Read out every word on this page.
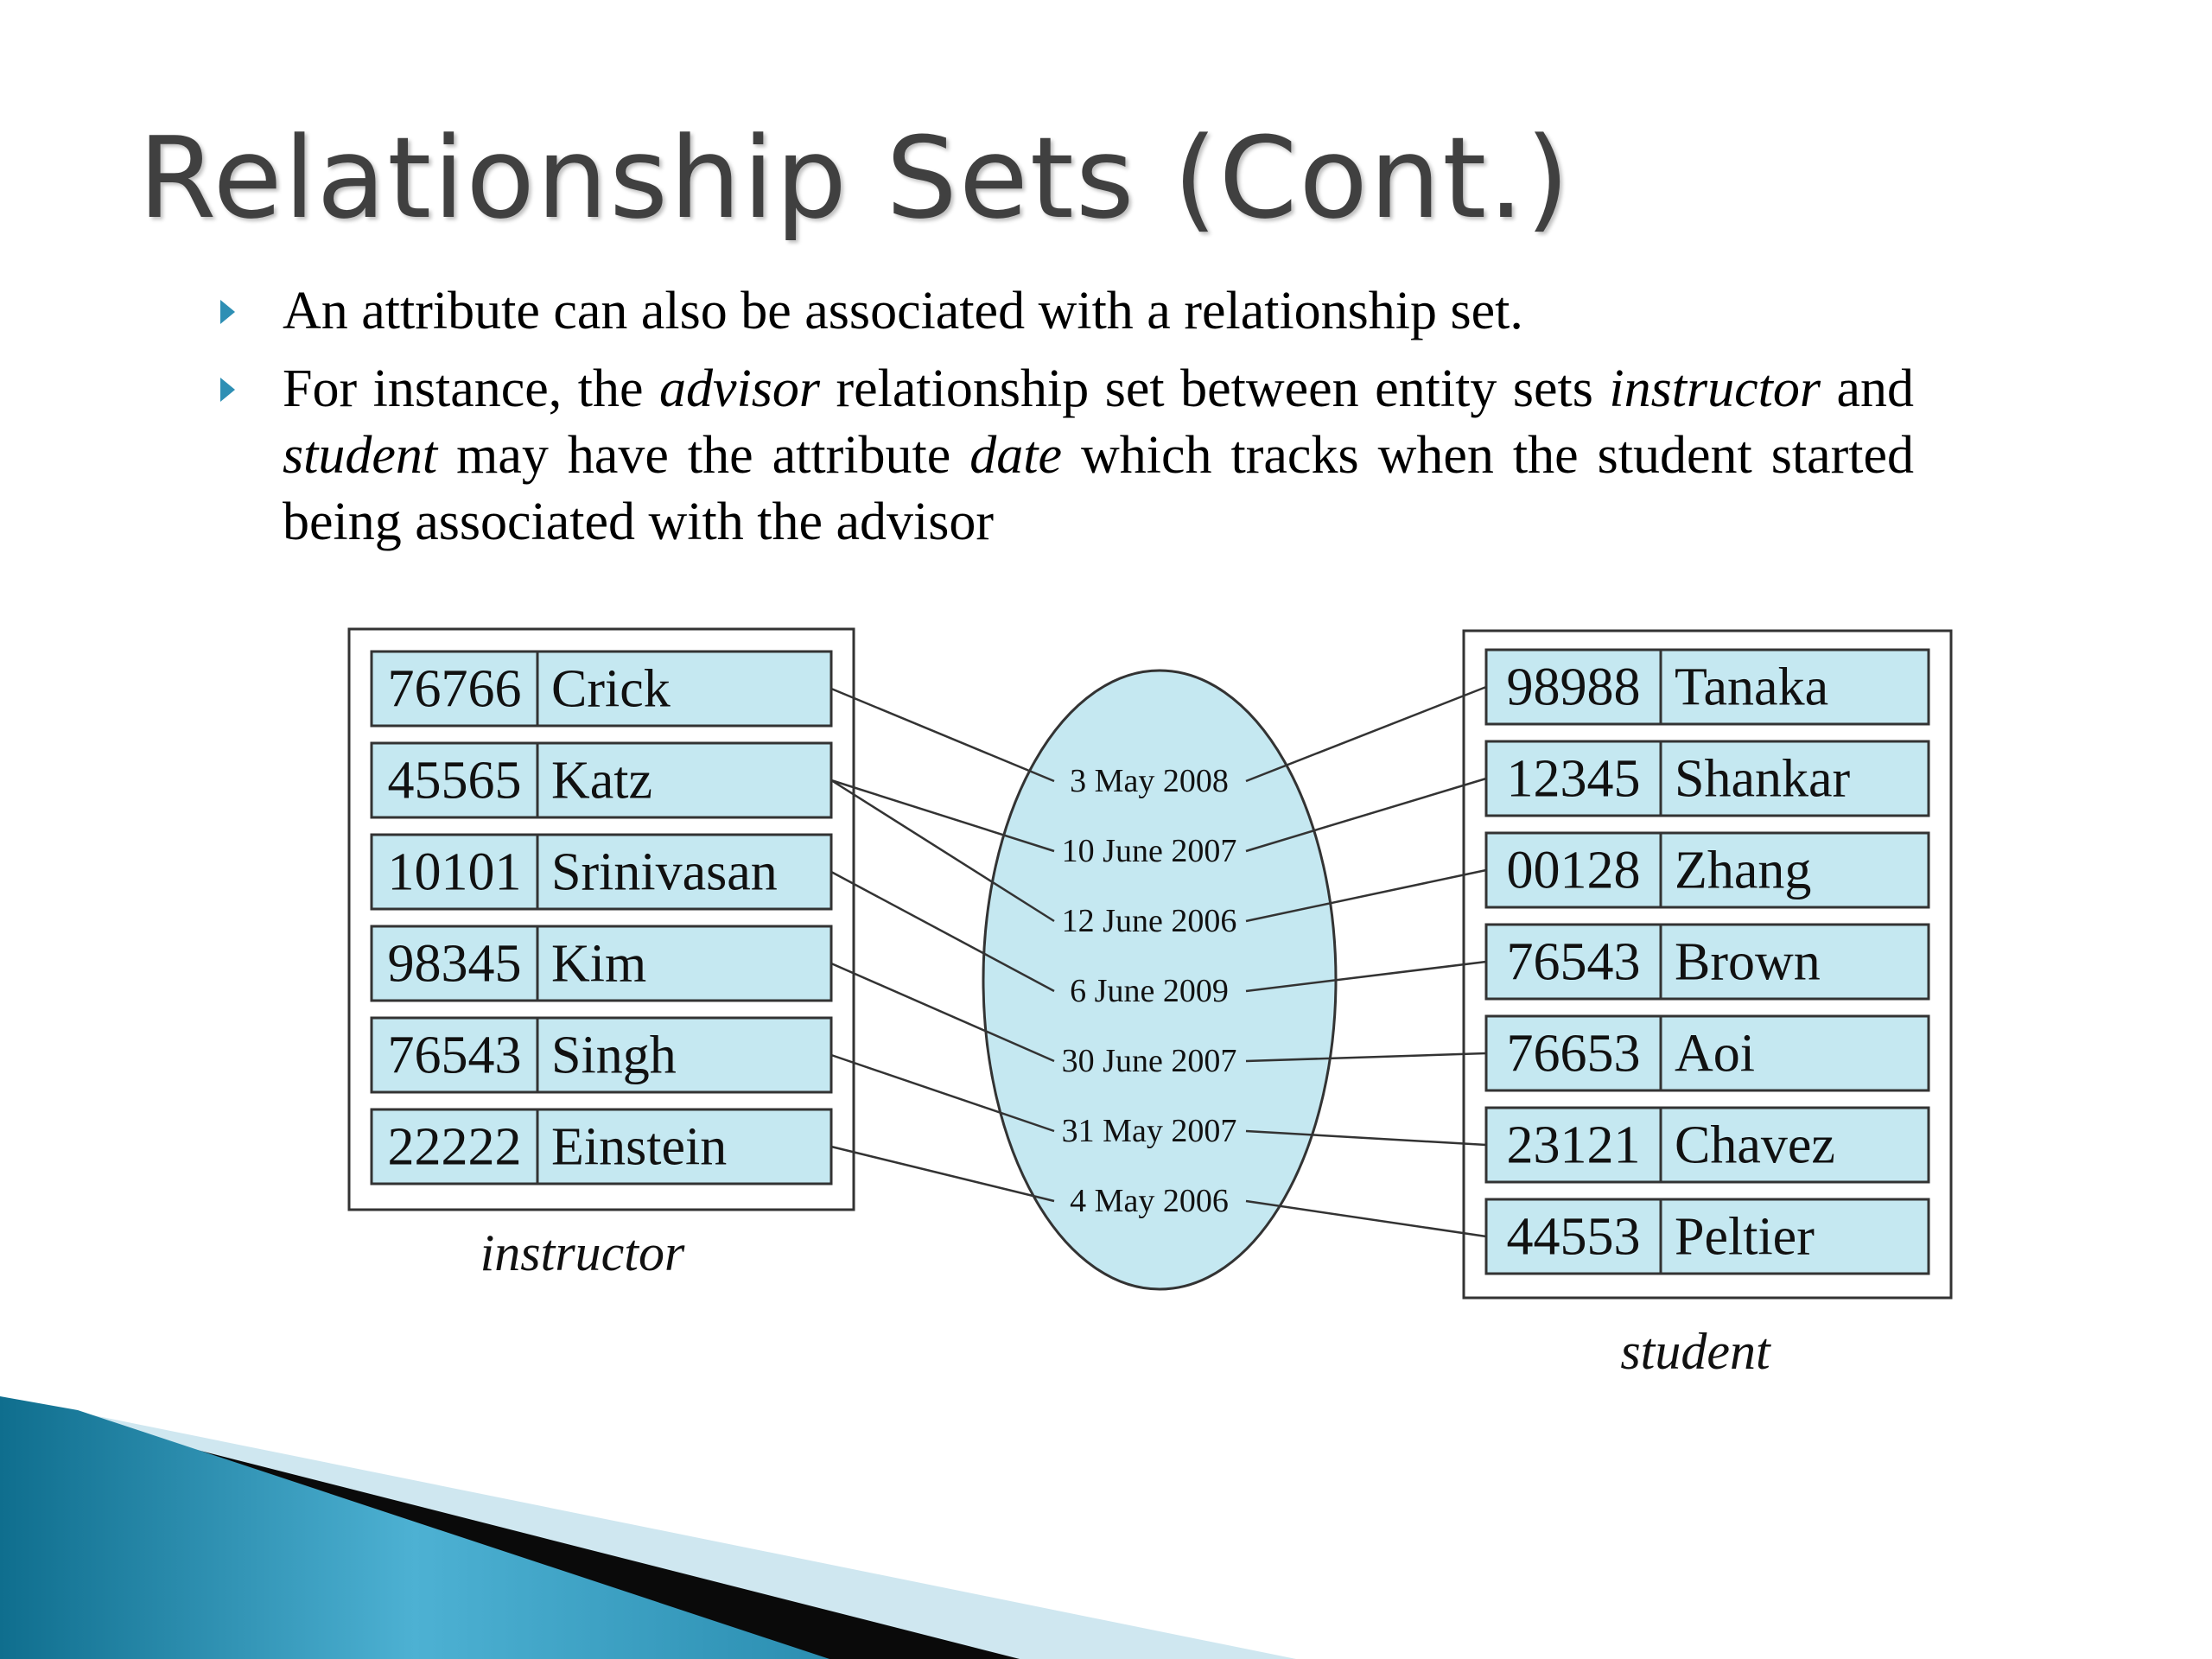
Relationship Sets (Cont.)
An attribute can also be associated with a relationship set.
For instance, the advisor relationship set between entity sets instructor and student may have the attribute date which tracks when the student started being associated with the advisor
76766 Crick
45565 Katz
10101 Srinivasan
98345 Kim
76543 Singh
22222 Einstein
98988 Tanaka
12345 Shankar
00128 Zhang
76543 Brown
76653 Aoi
23121 Chavez
44553 Peltier
3 May 2008
10 June 2007
12 June 2006
6 June 2009
30 June 2007
31 May 2007
4 May 2006
instructor
student
